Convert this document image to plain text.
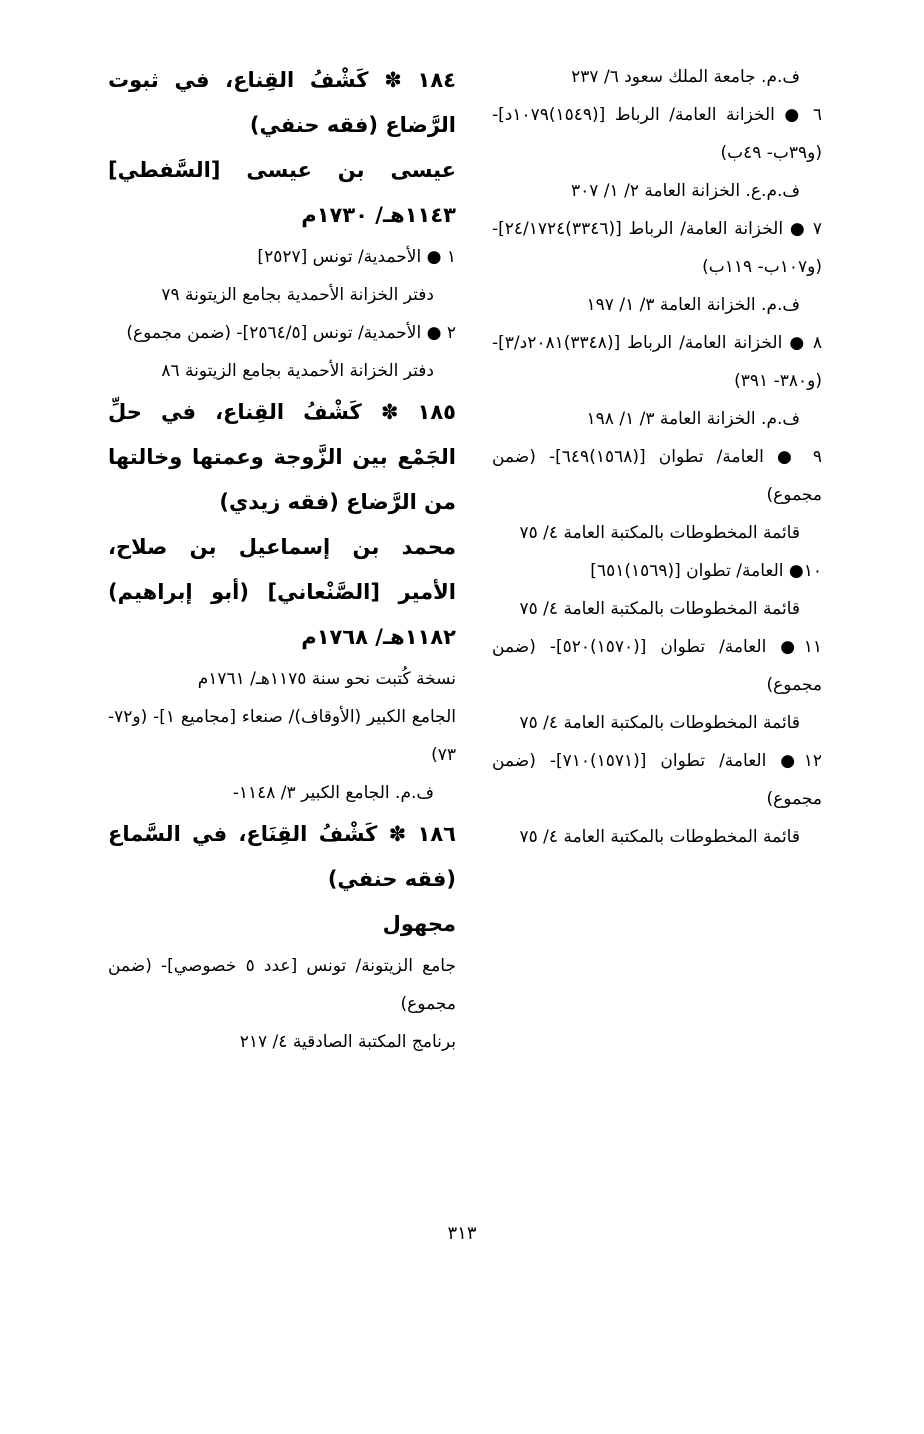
ف.م. جامعة الملك سعود ٦/ ٢٣٧
٦ ● الخزانة العامة/ الرباط [(١٥٤٩)١٠٧٩د]- (و٣٩ب- ٤٩ب)
ف.م.ع. الخزانة العامة ٢/ ١/ ٣٠٧
٧ ● الخزانة العامة/ الرباط [(٣٣٤٦)٢٤/١٧٢٤]- (و١٠٧ب- ١١٩ب)
ف.م. الخزانة العامة ٣/ ١/ ١٩٧
٨ ● الخزانة العامة/ الرباط [(٣٣٤٨)٢٠٨١د/٣]- (و٣٨٠- ٣٩١)
ف.م. الخزانة العامة ٣/ ١/ ١٩٨
٩ ● العامة/ تطوان [(١٥٦٨)٦٤٩]- (ضمن مجموع)
قائمة المخطوطات بالمكتبة العامة ٤/ ٧٥
١٠● العامة/ تطوان [(١٥٦٩)٦٥١]
قائمة المخطوطات بالمكتبة العامة ٤/ ٧٥
١١● العامة/ تطوان [(١٥٧٠)٥٢٠]- (ضمن مجموع)
قائمة المخطوطات بالمكتبة العامة ٤/ ٧٥
١٢● العامة/ تطوان [(١٥٧١)٧١٠]- (ضمن مجموع)
قائمة المخطوطات بالمكتبة العامة ٤/ ٧٥
١٨٤ ✽ كَشْفُ القِناع، في ثبوت الرَّضاع (فقه حنفي)
عيسى بن عيسى [السَّفطي] ١١٤٣هـ/ ١٧٣٠م
١ ● الأحمدية/ تونس [٢٥٢٧]
دفتر الخزانة الأحمدية بجامع الزيتونة ٧٩
٢ ● الأحمدية/ تونس [٢٥٦٤/٥]- (ضمن مجموع)
دفتر الخزانة الأحمدية بجامع الزيتونة ٨٦
١٨٥ ✽ كَشْفُ القِناع، في حلِّ الجَمْع بين الزَّوجة وعمتها وخالتها من الرَّضاع (فقه زيدي)
محمد بن إسماعيل بن صلاح، الأمير [الصَّنْعاني] (أبو إبراهيم) ١١٨٢هـ/ ١٧٦٨م
نسخة كُتبت نحو سنة ١١٧٥هـ/ ١٧٦١م
الجامع الكبير (الأوقاف)/ صنعاء [مجاميع ١]- (و٧٢- ٧٣)
ف.م. الجامع الكبير ٣/ ١١٤٨-
١٨٦ ✽ كَشْفُ القِنَاع، في السَّماع (فقه حنفي)
مجهول
جامع الزيتونة/ تونس [عدد ٥ خصوصي]- (ضمن مجموع)
برنامج المكتبة الصادقية ٤/ ٢١٧
٣١٣
